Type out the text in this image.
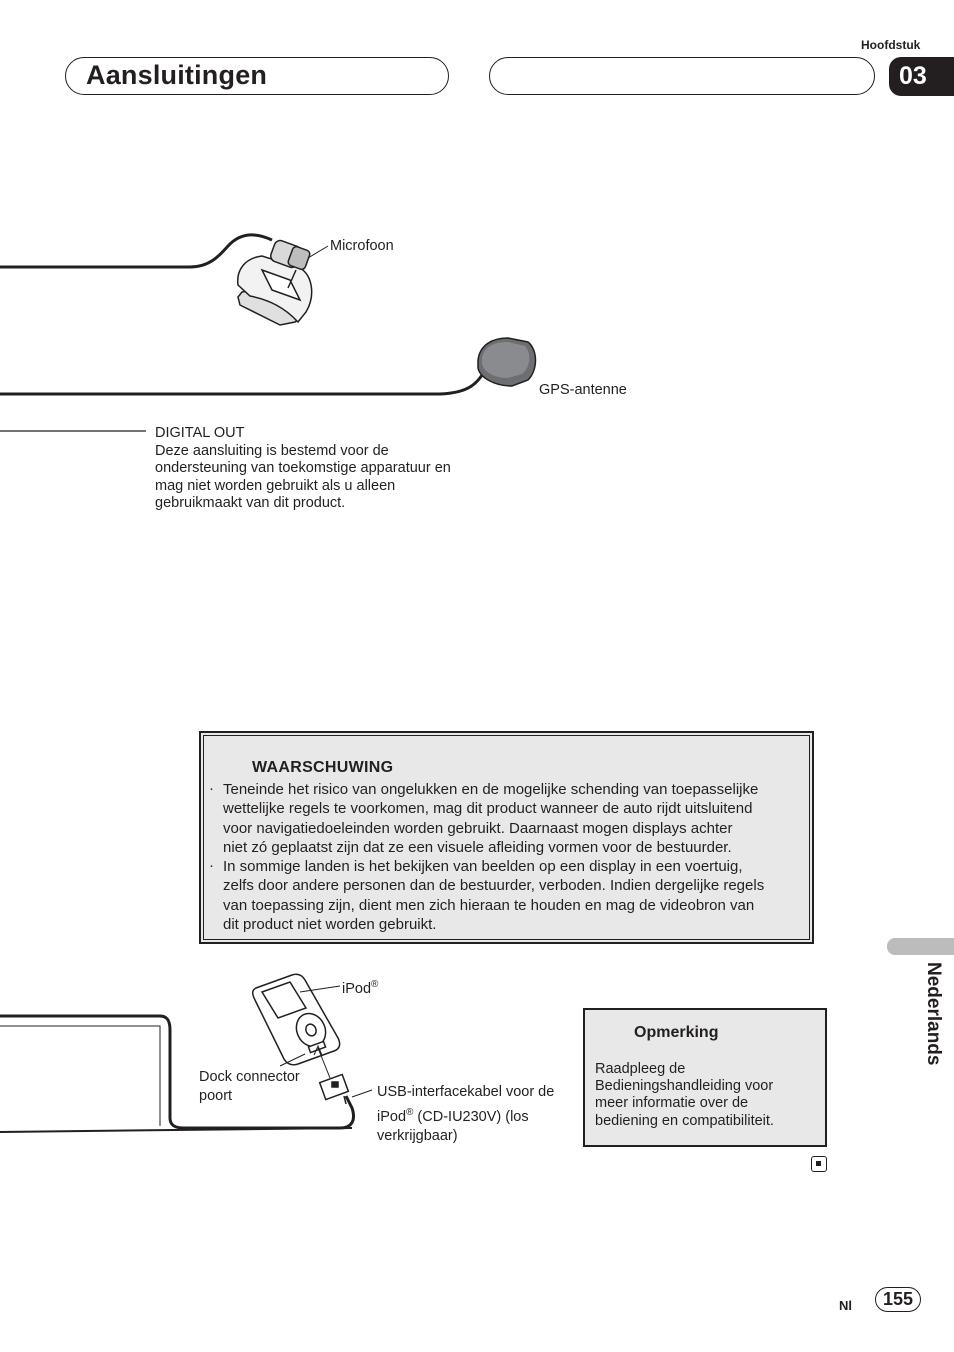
Hoofdstuk
Aansluitingen	03
Microfoon
GPS-antenne
DIGITAL OUT
Deze aansluiting is bestemd voor de
ondersteuning van toekomstige apparatuur en
mag niet worden gebruikt als u alleen
gebruikmaakt van dit product.
WAARSCHUWING
· Teneinde het risico van ongelukken en de mogelijke schending van toepasselijke
wettelijke regels te voorkomen, mag dit product wanneer de auto rijdt uitsluitend
voor navigatiedoeleinden worden gebruikt. Daarnaast mogen displays achter
niet zó geplaatst zijn dat ze een visuele afleiding vormen voor de bestuurder.
· In sommige landen is het bekijken van beelden op een display in een voertuig,
zelfs door andere personen dan de bestuurder, verboden. Indien dergelijke regels
van toepassing zijn, dient men zich hieraan te houden en mag de videobron van
dit product niet worden gebruikt.
iPod®
Dock connector
poort	USB-interfacekabel voor de
iPod® (CD-IU230V) (los
verkrijgbaar)
Opmerking
Raadpleeg de
Bedieningshandleiding voor
meer informatie over de
bediening en compatibiliteit.
Nederlands
Nl	155
